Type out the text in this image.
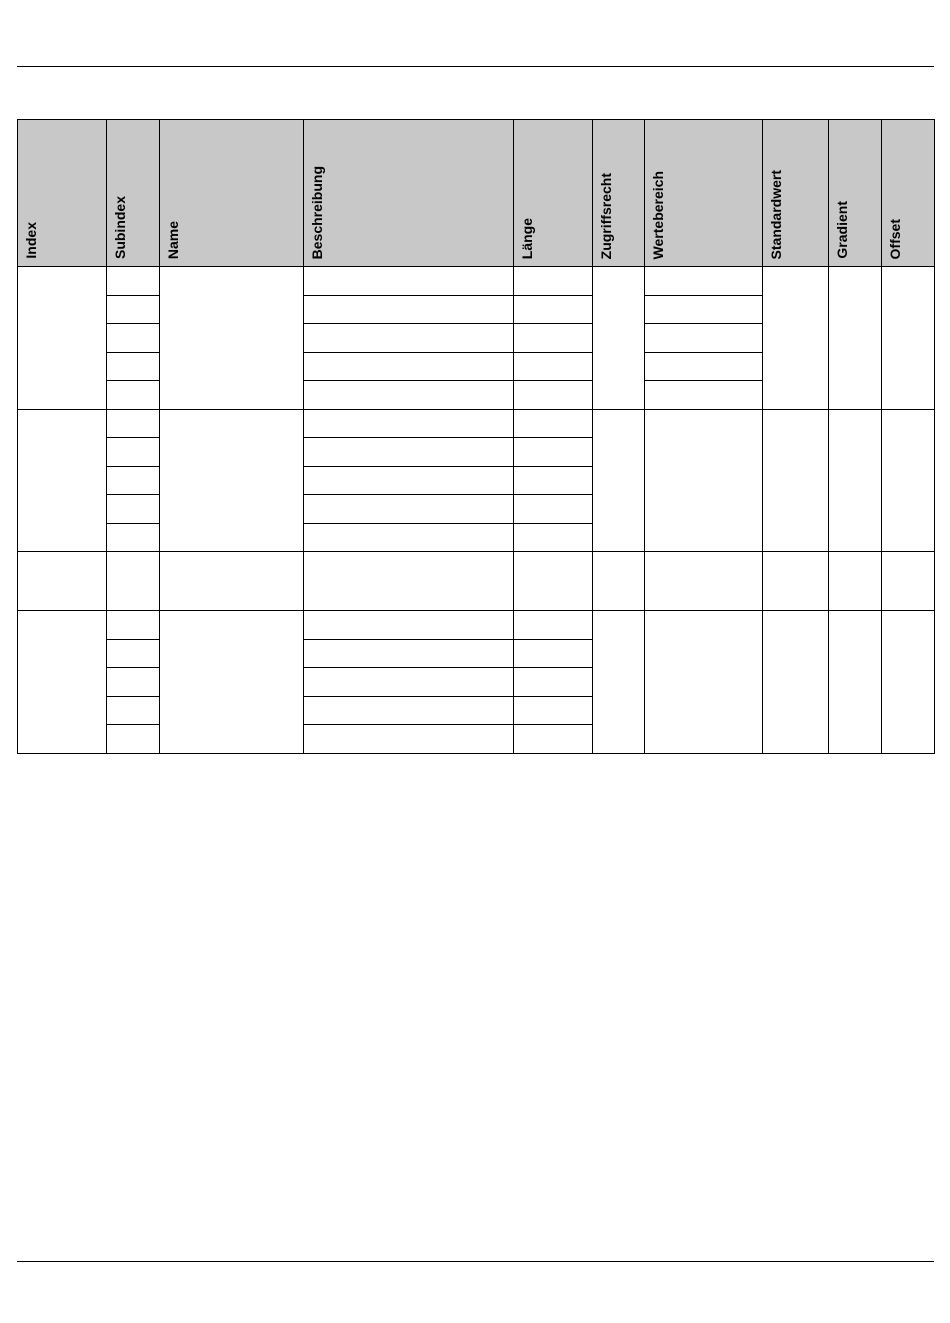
Index	Subindex	Name	Beschreibung	Länge	Zugriffsrecht	Wertebereich	Standardwert	Gradient	Offset
